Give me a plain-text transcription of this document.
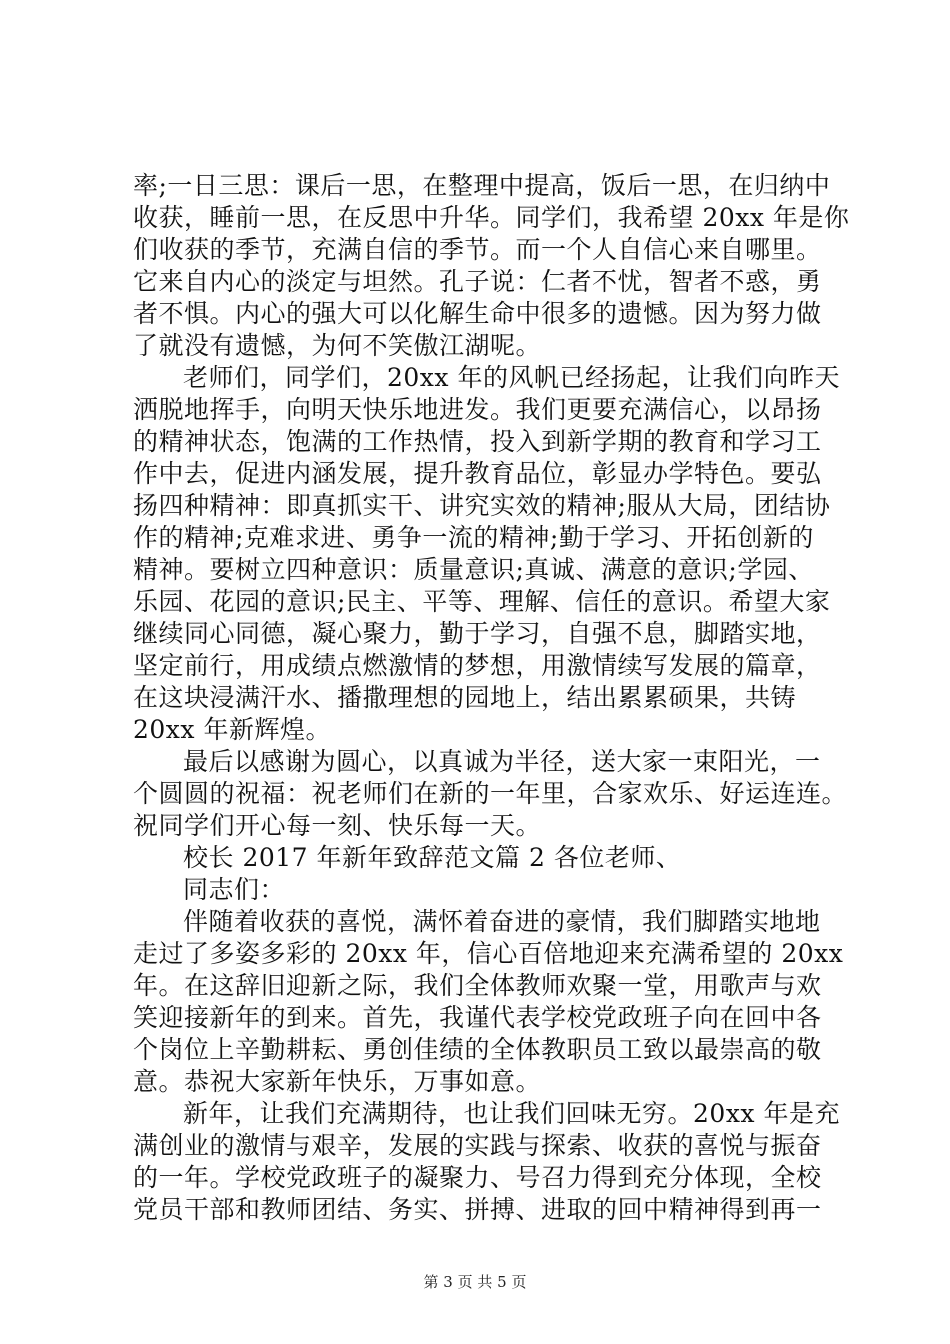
率;一日三思：课后一思，在整理中提高，饭后一思，在归纳中
收获，睡前一思，在反思中升华。同学们，我希望 20xx 年是你
们收获的季节，充满自信的季节。而一个人自信心来自哪里。
它来自内心的淡定与坦然。孔子说：仁者不忧，智者不惑，勇
者不惧。内心的强大可以化解生命中很多的遗憾。因为努力做
了就没有遗憾，为何不笑傲江湖呢。
老师们，同学们，20xx 年的风帆已经扬起，让我们向昨天
洒脱地挥手，向明天快乐地进发。我们更要充满信心，以昂扬
的精神状态，饱满的工作热情，投入到新学期的教育和学习工
作中去，促进内涵发展，提升教育品位，彰显办学特色。要弘
扬四种精神：即真抓实干、讲究实效的精神;服从大局，团结协
作的精神;克难求进、勇争一流的精神;勤于学习、开拓创新的
精神。要树立四种意识：质量意识;真诚、满意的意识;学园、
乐园、花园的意识;民主、平等、理解、信任的意识。希望大家
继续同心同德，凝心聚力，勤于学习，自强不息，脚踏实地，
坚定前行，用成绩点燃激情的梦想，用激情续写发展的篇章，
在这块浸满汗水、播撒理想的园地上，结出累累硕果，共铸
20xx 年新辉煌。
最后以感谢为圆心，以真诚为半径，送大家一束阳光，一
个圆圆的祝福：祝老师们在新的一年里，合家欢乐、好运连连。
祝同学们开心每一刻、快乐每一天。
校长 2017 年新年致辞范文篇 2 各位老师、
同志们：
伴随着收获的喜悦，满怀着奋进的豪情，我们脚踏实地地
走过了多姿多彩的 20xx 年，信心百倍地迎来充满希望的 20xx
年。在这辞旧迎新之际，我们全体教师欢聚一堂，用歌声与欢
笑迎接新年的到来。首先，我谨代表学校党政班子向在回中各
个岗位上辛勤耕耘、勇创佳绩的全体教职员工致以最崇高的敬
意。恭祝大家新年快乐，万事如意。
新年，让我们充满期待，也让我们回味无穷。20xx 年是充
满创业的激情与艰辛，发展的实践与探索、收获的喜悦与振奋
的一年。学校党政班子的凝聚力、号召力得到充分体现，全校
党员干部和教师团结、务实、拼搏、进取的回中精神得到再一
第 3 页 共 5 页
